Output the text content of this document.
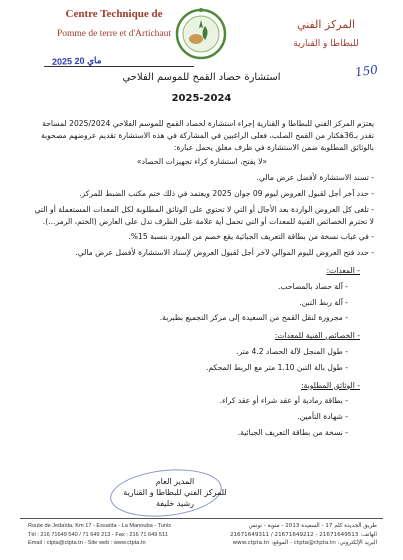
Centre Technique de
Pomme de terre et d'Artichaut
المركز الفني
للبطاطا و القنارية
2025 ماي 20
150
استشارة حصاد القمح للموسم الفلاحي
2025-2024

يعتزم المركز الفني للبطاطا و القنارية إجراء استشارة لحصاد القمح للموسم الفلاحي 2025/2024 لمساحة تقدر بـ36هكتار من القمح الصلب، فعلى الراغبين في المشاركة في هذه الاستشارة تقديم عروضهم مصحوبة بالوثائق المطلوبة ضمن الاستشارة في ظرف مغلق يحمل عبارة:

«لا يفتح، استشارة كراء تجهيزات الحصاد»

- تسند الاستشارة لأفضل عرض مالي.

- حدد آخر أجل لقبول العروض ليوم 09 جوان 2025 ويعتمد في ذلك ختم مكتب الضبط للمركز.

- تلغى كل العروض الواردة بعد الأجال أو التي لا تحتوي على الوثائق المطلوبة لكل المعدات المستعملة أو التي لا تحترم الخصائص الفنية للمعدات أو التي تحمل أية علامة على الظرف تدل على العارض (الختم، الرمز...).

- في غياب نسخة من بطاقة التعريف الجبائية يقع خصم من المورد بنسبة 15%.

- حدد فتح العروض لليوم الموالي لآخر أجل لقبول العروض لإسناد الاستشارة لأفضل عرض مالي.

- المعدات:

- آلة حصاد بالمصاحب.

- آلة ربط التبن.

- مجرورة لنقل القمح من السعيدة إلى مركز التجميع بطبربة.

- الخصائص الفنية للمعدات:

- طول المنجل لآلة الحصاد 4.2 متر.

- طول بالة التبن 1.10 متر مع الربط المحكم.

- الوثائق المطلوبة:

- بطاقة رمادية أو عقد شراء أو عقد كراء.

- شهادة التأمين.

- نسخة من بطاقة التعريف الجبائية.

المدير العام
للمركز الفني للبطاطا و القنارية
رشيد خليفة
Route de Jedaïda, Km 17 - Essaïda - La Manouba - Tunis
Tél : 216 71649 540 / 71 649 213 - Fax : 216 71 649 511
Email : ctpta@ctpta.tn - Site web : www.ctpta.tn
طريق الجديدة كلم 17 - السعيدة 2013 - منوبة - تونس
الهاتف: 21671649513 - 21671649212 / 21671649311
البريد الإلكتروني: ctpta@ctpta.tn - الموقع: www.ctpta.tn
